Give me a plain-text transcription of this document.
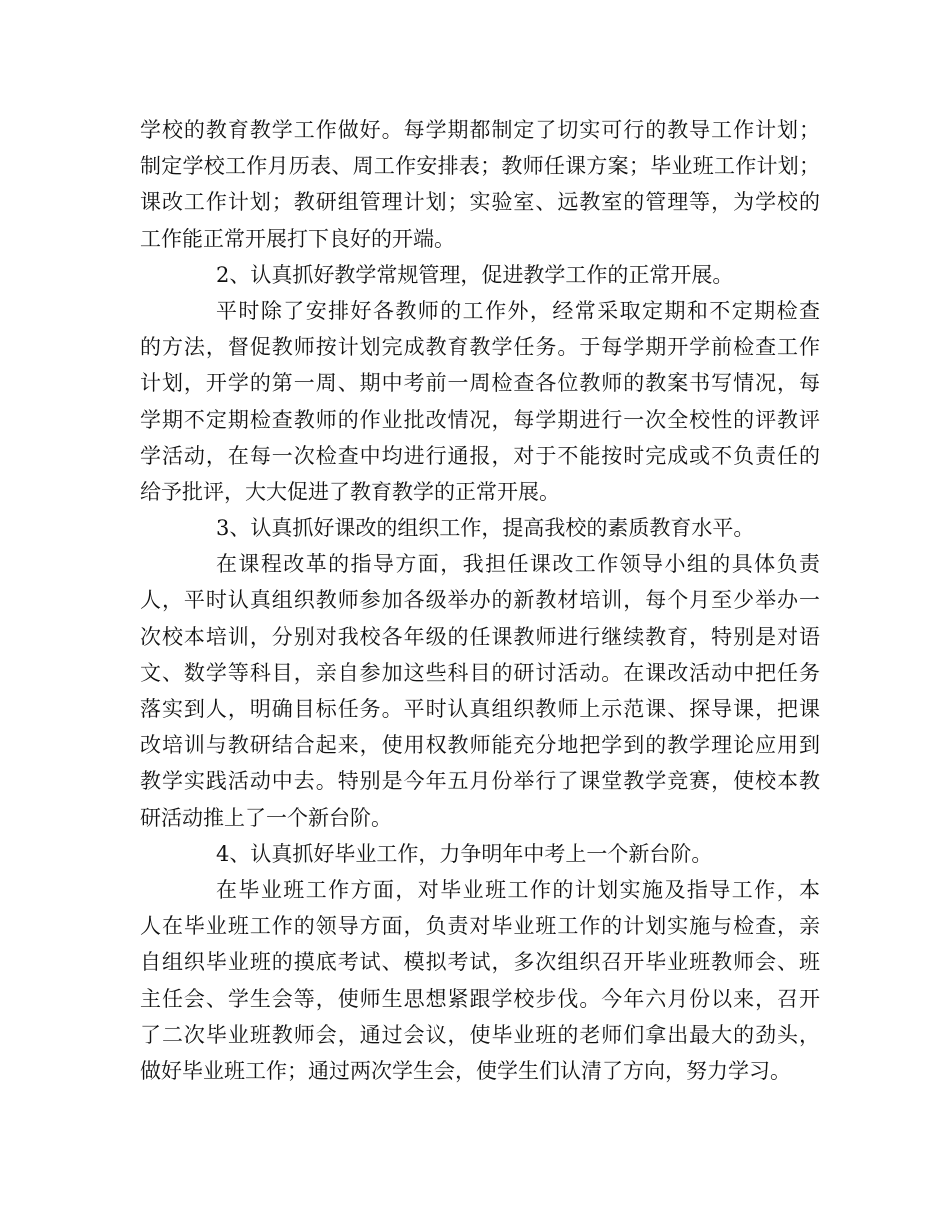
学校的教育教学工作做好。每学期都制定了切实可行的教导工作计划；
制定学校工作月历表、周工作安排表；教师任课方案；毕业班工作计划；
课改工作计划；教研组管理计划；实验室、远教室的管理等，为学校的
工作能正常开展打下良好的开端。
2、认真抓好教学常规管理，促进教学工作的正常开展。
平时除了安排好各教师的工作外，经常采取定期和不定期检查
的方法，督促教师按计划完成教育教学任务。于每学期开学前检查工作
计划，开学的第一周、期中考前一周检查各位教师的教案书写情况，每
学期不定期检查教师的作业批改情况，每学期进行一次全校性的评教评
学活动，在每一次检查中均进行通报，对于不能按时完成或不负责任的
给予批评，大大促进了教育教学的正常开展。
3、认真抓好课改的组织工作，提高我校的素质教育水平。
在课程改革的指导方面，我担任课改工作领导小组的具体负责
人，平时认真组织教师参加各级举办的新教材培训，每个月至少举办一
次校本培训，分别对我校各年级的任课教师进行继续教育，特别是对语
文、数学等科目，亲自参加这些科目的研讨活动。在课改活动中把任务
落实到人，明确目标任务。平时认真组织教师上示范课、探导课，把课
改培训与教研结合起来，使用权教师能充分地把学到的教学理论应用到
教学实践活动中去。特别是今年五月份举行了课堂教学竞赛，使校本教
研活动推上了一个新台阶。
4、认真抓好毕业工作，力争明年中考上一个新台阶。
在毕业班工作方面，对毕业班工作的计划实施及指导工作，本
人在毕业班工作的领导方面，负责对毕业班工作的计划实施与检查，亲
自组织毕业班的摸底考试、模拟考试，多次组织召开毕业班教师会、班
主任会、学生会等，使师生思想紧跟学校步伐。今年六月份以来，召开
了二次毕业班教师会，通过会议，使毕业班的老师们拿出最大的劲头，
做好毕业班工作；通过两次学生会，使学生们认清了方向，努力学习。
